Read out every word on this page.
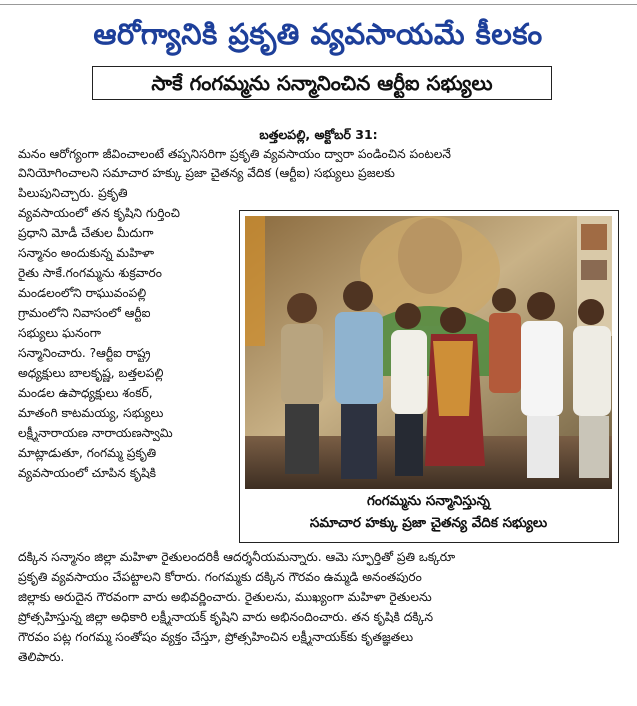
ఆరోగ్యానికి ప్రకృతి వ్యవసాయమే కీలకం
సాకే గంగమ్మను సన్మానించిన ఆర్టీఐ సభ్యులు
బత్తలపల్లి, అక్టోబర్ 31:
మనం ఆరోగ్యంగా జీవించాలంటే తప్పనిసరిగా ప్రకృతి వ్యవసాయం ద్వారా పండించిన పంటలనే
వినియోగించాలని సమాచార హక్కు ప్రజా చైతన్య వేదిక (ఆర్టీఐ) సభ్యులు ప్రజలకు
పిలుపునిచ్చారు. ప్రకృతి
వ్యవసాయంలో తన కృషిని గుర్తించి
ప్రధాని మోడీ చేతుల మీదుగా
సన్మానం అందుకున్న మహిళా
రైతు సాకే.గంగమ్మను శుక్రవారం
మండలంలోని రాఘువంపల్లి
గ్రామంలోని నివాసంలో ఆర్టీఐ
సభ్యులు ఘనంగా
సన్మానించారు. ?ఆర్టీఐ రాష్ట్ర
అధ్యక్షులు బాలకృష్ణ, బత్తలపల్లి
మండల ఉపాధ్యక్షులు శంకర్,
మాతంగి కాటమయ్య, సభ్యులు
లక్ష్మీనారాయణ నారాయణస్వామి
మాట్లాడుతూ, గంగమ్మ ప్రకృతి
వ్యవసాయంలో చూపిన కృషికి
గంగమ్మను సన్మానిస్తున్న
సమాచార హక్కు ప్రజా చైతన్య వేదిక సభ్యులు
దక్కిన సన్మానం జిల్లా మహిళా రైతులందరికీ ఆదర్శనీయమన్నారు. ఆమె స్ఫూర్తితో ప్రతి ఒక్కరూ
ప్రకృతి వ్యవసాయం చేపట్టాలని కోరారు. గంగమ్మకు దక్కిన గౌరవం ఉమ్మడి అనంతపురం
జిల్లాకు అరుదైన గౌరవంగా వారు అభివర్ణించారు. రైతులను, ముఖ్యంగా మహిళా రైతులను
ప్రోత్సహిస్తున్న జిల్లా అధికారి లక్ష్మీనాయక్ కృషిని వారు అభినందించారు. తన కృషికి దక్కిన
గౌరవం పట్ల గంగమ్మ సంతోషం వ్యక్తం చేస్తూ, ప్రోత్సహించిన లక్ష్మీనాయక్‌కు కృతజ్ఞతలు
తెలిపారు.
